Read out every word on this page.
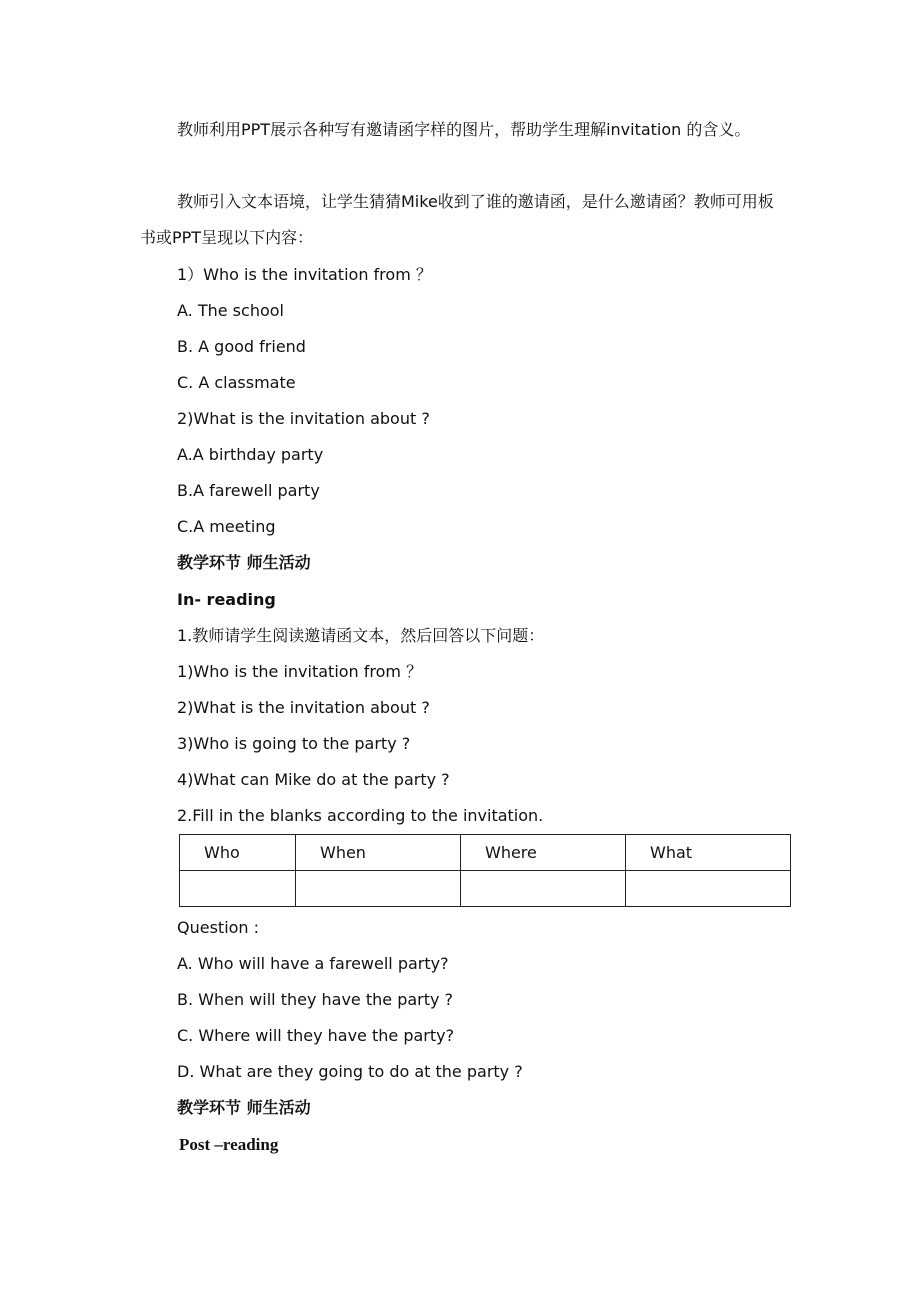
教师利用PPT展示各种写有邀请函字样的图片，帮助学生理解invitation 的含义。
教师引入文本语境，让学生猜猜Mike收到了谁的邀请函，是什么邀请函？教师可用板书或PPT呈现以下内容：
1）Who is the invitation from ？
A. The school
B. A good friend
C. A classmate
2)What is the invitation about ?
A.A birthday party
B.A farewell party
C.A meeting
教学环节 师生活动
In- reading
1.教师请学生阅读邀请函文本，然后回答以下问题：
1)Who is the invitation from ？
2)What is the invitation about ?
3)Who is going to the party ?
4)What can Mike do at the party ?
2.Fill in the blanks according to the invitation.
Who	When	Where	What

Question :
A. Who will have a farewell party?
B. When will they have the party ?
C. Where will they have the party?
D. What are they going to do at the party ?
教学环节 师生活动
Post –reading
